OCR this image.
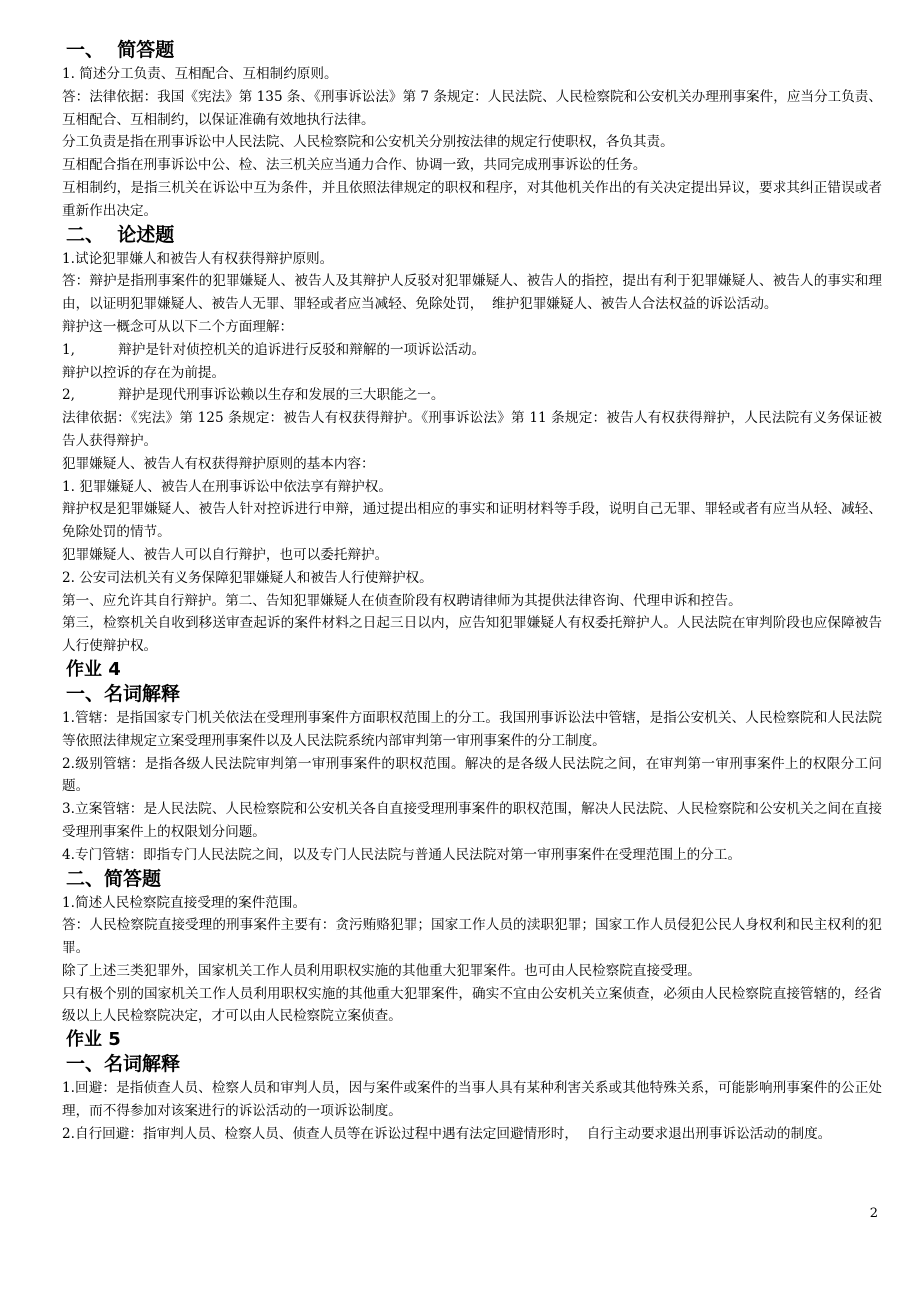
一、  简答题

1. 简述分工负责、互相配合、互相制约原则。

答：法律依据：我国《宪法》第 135 条、《刑事诉讼法》第 7 条规定：人民法院、人民检察院和公安机关办理刑事案件，应当分工负责、互相配合、互相制约，以保证准确有效地执行法律。

分工负责是指在刑事诉讼中人民法院、人民检察院和公安机关分别按法律的规定行使职权，各负其责。

互相配合指在刑事诉讼中公、检、法三机关应当通力合作、协调一致，共同完成刑事诉讼的任务。

互相制约，是指三机关在诉讼中互为条件，并且依照法律规定的职权和程序，对其他机关作出的有关决定提出异议，要求其纠正错误或者重新作出决定。

二、  论述题

1.试论犯罪嫌人和被告人有权获得辩护原则。

答：辩护是指刑事案件的犯罪嫌疑人、被告人及其辩护人反驳对犯罪嫌疑人、被告人的指控，提出有利于犯罪嫌疑人、被告人的事实和理由，以证明犯罪嫌疑人、被告人无罪、罪轻或者应当减轻、免除处罚，  维护犯罪嫌疑人、被告人合法权益的诉讼活动。

辩护这一概念可从以下二个方面理解：

1,          辩护是针对侦控机关的追诉进行反驳和辩解的一项诉讼活动。

辩护以控诉的存在为前提。

2,          辩护是现代刑事诉讼赖以生存和发展的三大职能之一。

法律依据：《宪法》第 125 条规定：被告人有权获得辩护。《刑事诉讼法》第 11 条规定：被告人有权获得辩护，人民法院有义务保证被告人获得辩护。

犯罪嫌疑人、被告人有权获得辩护原则的基本内容：

1. 犯罪嫌疑人、被告人在刑事诉讼中依法享有辩护权。

辩护权是犯罪嫌疑人、被告人针对控诉进行申辩，通过提出相应的事实和证明材料等手段，说明自己无罪、罪轻或者有应当从轻、减轻、免除处罚的情节。

犯罪嫌疑人、被告人可以自行辩护，也可以委托辩护。

2. 公安司法机关有义务保障犯罪嫌疑人和被告人行使辩护权。

第一、应允许其自行辩护。第二、告知犯罪嫌疑人在侦查阶段有权聘请律师为其提供法律咨询、代理申诉和控告。

第三，检察机关自收到移送审查起诉的案件材料之日起三日以内，应告知犯罪嫌疑人有权委托辩护人。人民法院在审判阶段也应保障被告人行使辩护权。

作业 4
一、名词解释

1.管辖：是指国家专门机关依法在受理刑事案件方面职权范围上的分工。我国刑事诉讼法中管辖，是指公安机关、人民检察院和人民法院等依照法律规定立案受理刑事案件以及人民法院系统内部审判第一审刑事案件的分工制度。

2.级别管辖：是指各级人民法院审判第一审刑事案件的职权范围。解决的是各级人民法院之间，在审判第一审刑事案件上的权限分工问题。

3.立案管辖：是人民法院、人民检察院和公安机关各自直接受理刑事案件的职权范围，解决人民法院、人民检察院和公安机关之间在直接受理刑事案件上的权限划分问题。

4.专门管辖：即指专门人民法院之间，以及专门人民法院与普通人民法院对第一审刑事案件在受理范围上的分工。

二、简答题

1.简述人民检察院直接受理的案件范围。

答：人民检察院直接受理的刑事案件主要有：贪污贿赂犯罪；国家工作人员的渎职犯罪；国家工作人员侵犯公民人身权利和民主权利的犯罪。

除了上述三类犯罪外，国家机关工作人员利用职权实施的其他重大犯罪案件。也可由人民检察院直接受理。

只有极个别的国家机关工作人员利用职权实施的其他重大犯罪案件，确实不宜由公安机关立案侦查，必须由人民检察院直接管辖的，经省级以上人民检察院决定，才可以由人民检察院立案侦查。

作业 5
一、名词解释

1.回避：是指侦查人员、检察人员和审判人员，因与案件或案件的当事人具有某种利害关系或其他特殊关系，可能影响刑事案件的公正处理，而不得参加对该案进行的诉讼活动的一项诉讼制度。

2.自行回避：指审判人员、检察人员、侦查人员等在诉讼过程中遇有法定回避情形时，  自行主动要求退出刑事诉讼活动的制度。

2
